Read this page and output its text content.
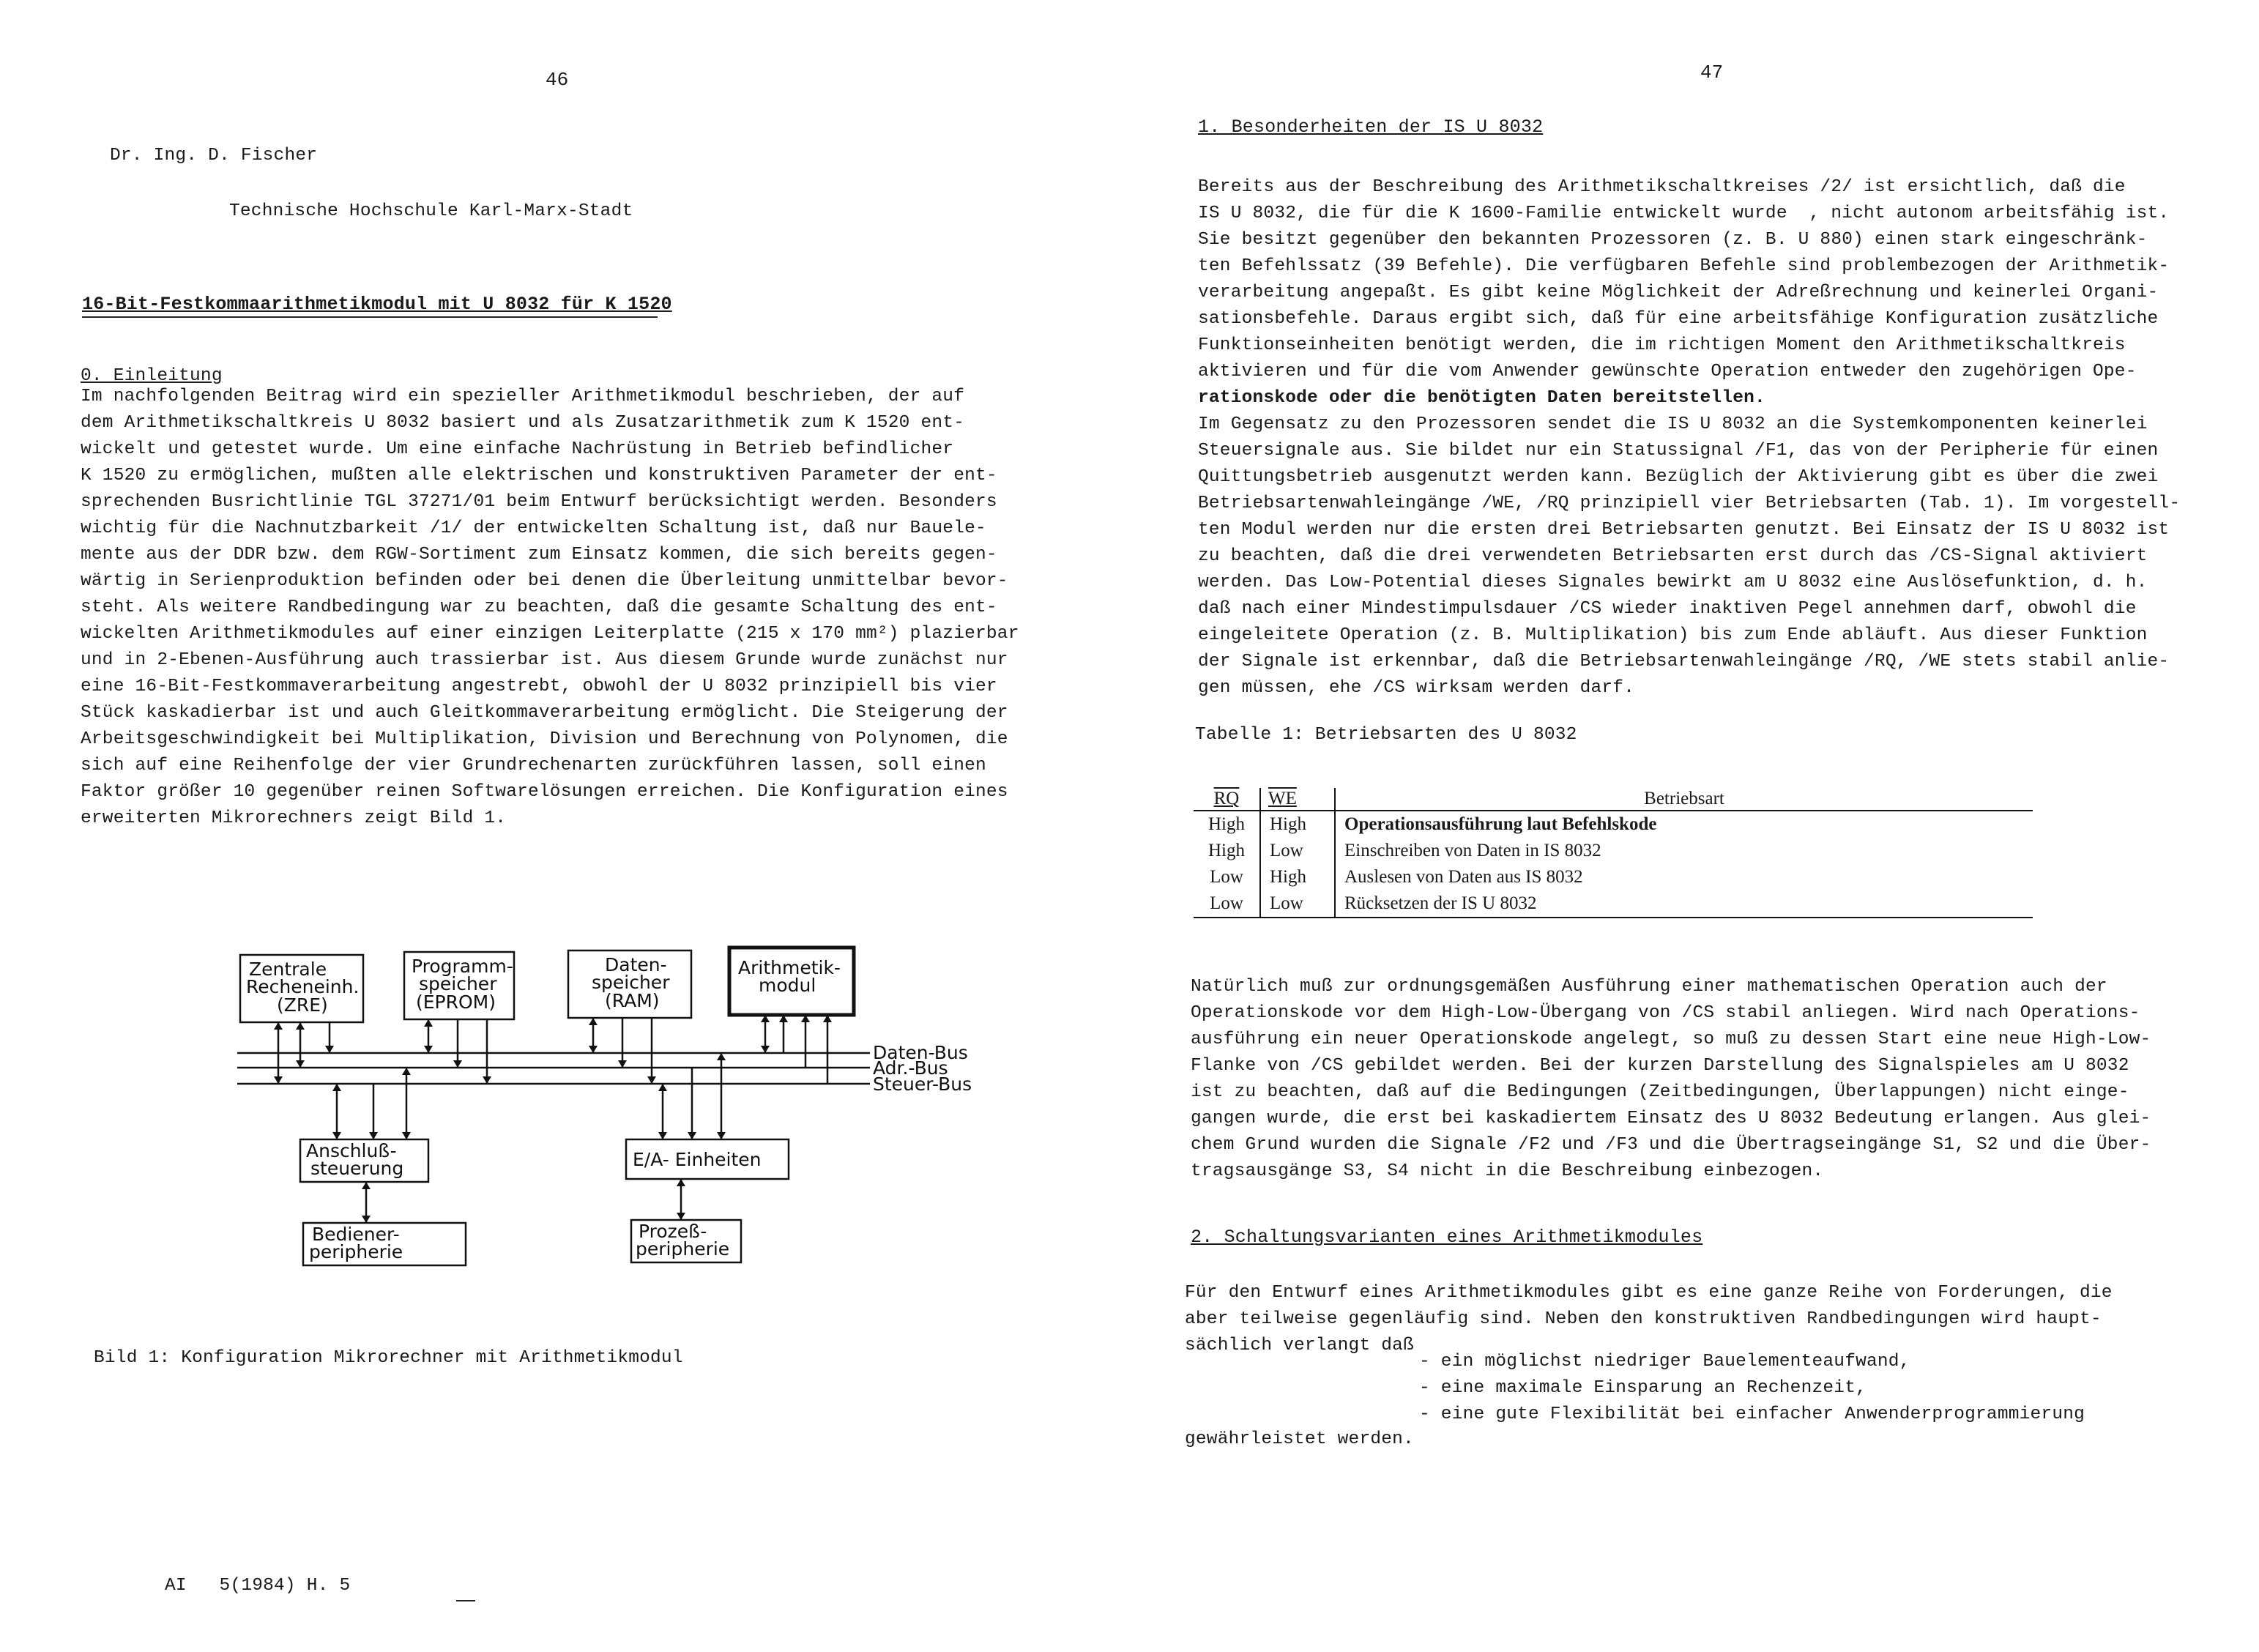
46
Dr. Ing. D. Fischer
Technische Hochschule Karl-Marx-Stadt
16-Bit-Festkommaarithmetikmodul mit U 8032 für K 1520
0. Einleitung
Im nachfolgenden Beitrag wird ein spezieller Arithmetikmodul beschrieben, der auf
dem Arithmetikschaltkreis U 8032 basiert und als Zusatzarithmetik zum K 1520 ent-
wickelt und getestet wurde. Um eine einfache Nachrüstung in Betrieb befindlicher
K 1520 zu ermöglichen, mußten alle elektrischen und konstruktiven Parameter der ent-
sprechenden Busrichtlinie TGL 37271/01 beim Entwurf berücksichtigt werden. Besonders
wichtig für die Nachnutzbarkeit /1/ der entwickelten Schaltung ist, daß nur Bauele-
mente aus der DDR bzw. dem RGW-Sortiment zum Einsatz kommen, die sich bereits gegen-
wärtig in Serienproduktion befinden oder bei denen die Überleitung unmittelbar bevor-
steht. Als weitere Randbedingung war zu beachten, daß die gesamte Schaltung des ent-
wickelten Arithmetikmodules auf einer einzigen Leiterplatte (215 x 170 mm²) plazierbar
und in 2-Ebenen-Ausführung auch trassierbar ist. Aus diesem Grunde wurde zunächst nur
eine 16-Bit-Festkommaverarbeitung angestrebt, obwohl der U 8032 prinzipiell bis vier
Stück kaskadierbar ist und auch Gleitkommaverarbeitung ermöglicht. Die Steigerung der
Arbeitsgeschwindigkeit bei Multiplikation, Division und Berechnung von Polynomen, die
sich auf eine Reihenfolge der vier Grundrechenarten zurückführen lassen, soll einen
Faktor größer 10 gegenüber reinen Softwarelösungen erreichen. Die Konfiguration eines
erweiterten Mikrorechners zeigt Bild 1.
Zentrale
Recheneinh.
(ZRE)
Programm-
speicher
(EPROM)
Daten-
speicher
(RAM)
Arithmetik-
modul
Daten-Bus
Adr.-Bus
Steuer-Bus
Anschluß-
steuerung	E/A- Einheiten
Bediener-
peripherie
Prozeß-
peripherie
Bild 1: Konfiguration Mikrorechner mit Arithmetikmodul
AI   5(1984) H. 5
47
1. Besonderheiten der IS U 8032
Bereits aus der Beschreibung des Arithmetikschaltkreises /2/ ist ersichtlich, daß die
IS U 8032, die für die K 1600-Familie entwickelt wurde  , nicht autonom arbeitsfähig ist.
Sie besitzt gegenüber den bekannten Prozessoren (z. B. U 880) einen stark eingeschränk-
ten Befehlssatz (39 Befehle). Die verfügbaren Befehle sind problembezogen der Arithmetik-
verarbeitung angepaßt. Es gibt keine Möglichkeit der Adreßrechnung und keinerlei Organi-
sationsbefehle. Daraus ergibt sich, daß für eine arbeitsfähige Konfiguration zusätzliche
Funktionseinheiten benötigt werden, die im richtigen Moment den Arithmetikschaltkreis
aktivieren und für die vom Anwender gewünschte Operation entweder den zugehörigen Ope-
rationskode oder die benötigten Daten bereitstellen.
Im Gegensatz zu den Prozessoren sendet die IS U 8032 an die Systemkomponenten keinerlei
Steuersignale aus. Sie bildet nur ein Statussignal /F1, das von der Peripherie für einen
Quittungsbetrieb ausgenutzt werden kann. Bezüglich der Aktivierung gibt es über die zwei
Betriebsartenwahleingänge /WE, /RQ prinzipiell vier Betriebsarten (Tab. 1). Im vorgestell-
ten Modul werden nur die ersten drei Betriebsarten genutzt. Bei Einsatz der IS U 8032 ist
zu beachten, daß die drei verwendeten Betriebsarten erst durch das /CS-Signal aktiviert
werden. Das Low-Potential dieses Signales bewirkt am U 8032 eine Auslösefunktion, d. h.
daß nach einer Mindestimpulsdauer /CS wieder inaktiven Pegel annehmen darf, obwohl die
eingeleitete Operation (z. B. Multiplikation) bis zum Ende abläuft. Aus dieser Funktion
der Signale ist erkennbar, daß die Betriebsartenwahleingänge /RQ, /WE stets stabil anlie-
gen müssen, ehe /CS wirksam werden darf.
Tabelle 1: Betriebsarten des U 8032
RQ	WE	Betriebsart
High	High	Operationsausführung laut Befehlskode
High	Low	Einschreiben von Daten in IS 8032
Low	High	Auslesen von Daten aus IS 8032
Low	Low	Rücksetzen der IS U 8032
Natürlich muß zur ordnungsgemäßen Ausführung einer mathematischen Operation auch der
Operationskode vor dem High-Low-Übergang von /CS stabil anliegen. Wird nach Operations-
ausführung ein neuer Operationskode angelegt, so muß zu dessen Start eine neue High-Low-
Flanke von /CS gebildet werden. Bei der kurzen Darstellung des Signalspieles am U 8032
ist zu beachten, daß auf die Bedingungen (Zeitbedingungen, Überlappungen) nicht einge-
gangen wurde, die erst bei kaskadiertem Einsatz des U 8032 Bedeutung erlangen. Aus glei-
chem Grund wurden die Signale /F2 und /F3 und die Übertragseingänge S1, S2 und die Über-
tragsausgänge S3, S4 nicht in die Beschreibung einbezogen.
2. Schaltungsvarianten eines Arithmetikmodules
Für den Entwurf eines Arithmetikmodules gibt es eine ganze Reihe von Forderungen, die
aber teilweise gegenläufig sind. Neben den konstruktiven Randbedingungen wird haupt-
sächlich verlangt daß
- ein möglichst niedriger Bauelementeaufwand,
- eine maximale Einsparung an Rechenzeit,
- eine gute Flexibilität bei einfacher Anwenderprogrammierung
gewährleistet werden.
